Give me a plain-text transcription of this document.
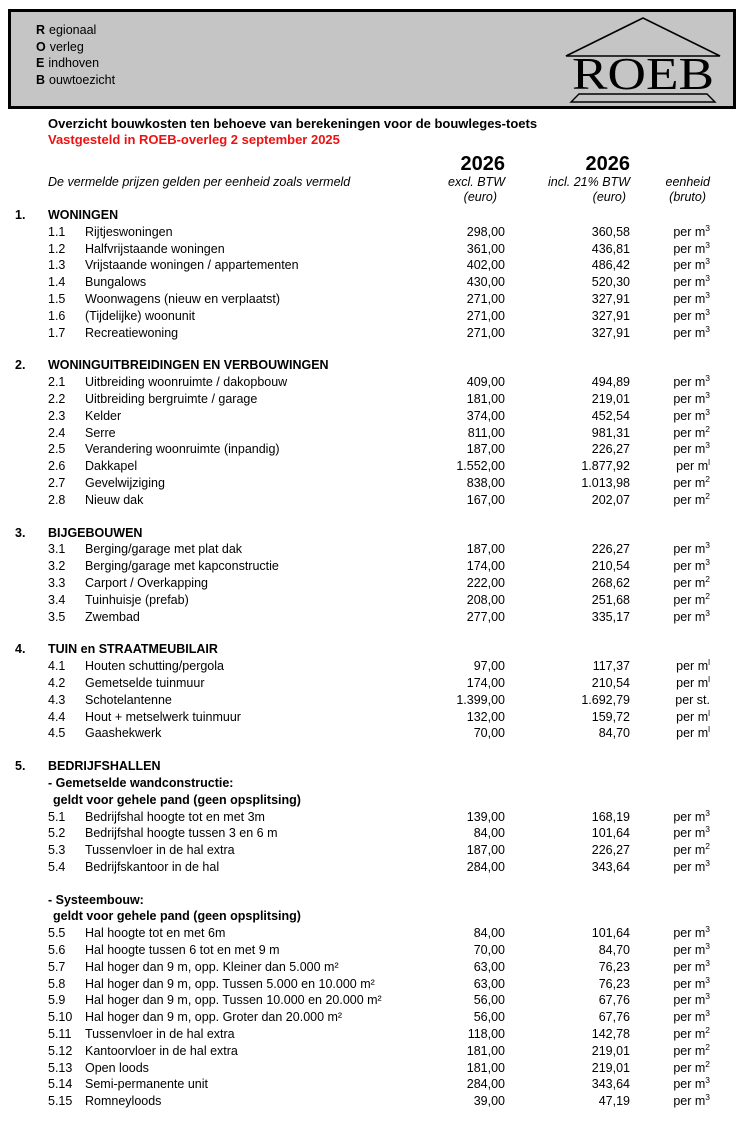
R egionaal
O verleg
E indhoven
B ouwtoezicht	ROEB
Overzicht bouwkosten ten behoeve van berekeningen voor de bouwleges-toets
Vastgesteld in ROEB-overleg 2 september 2025
2026	2026
De vermelde prijzen gelden per eenheid zoals vermeld	excl. BTW	incl. 21% BTW	eenheid
(euro)	(euro)	(bruto)
1.	WONINGEN
1.1	Rijtjeswoningen	298,00	360,58	per $m^3$
1.2	Halfvrijstaande woningen	361,00	436,81	per $m^3$
1.3	Vrijstaande woningen / appartementen	402,00	486,42	per $m^3$
1.4	Bungalows	430,00	520,30	per $m^3$
1.5	Woonwagens (nieuw en verplaatst)	271,00	327,91	per $m^3$
1.6	(Tijdelijke) woonunit	271,00	327,91	per $m^3$
1.7	Recreatiewoning	271,00	327,91	per $m^3$
2.	WONINGUITBREIDINGEN EN VERBOUWINGEN
2.1	Uitbreiding woonruimte / dakopbouw	409,00	494,89	per $m^3$
2.2	Uitbreiding bergruimte / garage	181,00	219,01	per $m^3$
2.3	Kelder	374,00	452,54	per $m^3$
2.4	Serre	811,00	981,31	per $m^2$
2.5	Verandering woonruimte (inpandig)	187,00	226,27	per $m^3$
2.6	Dakkapel	1.552,00	1.877,92	per $m^l$
2.7	Gevelwijziging	838,00	1.013,98	per $m^2$
2.8	Nieuw dak	167,00	202,07	per $m^2$
3.	BIJGEBOUWEN
3.1	Berging/garage met plat dak	187,00	226,27	per $m^3$
3.2	Berging/garage met kapconstructie	174,00	210,54	per $m^3$
3.3	Carport / Overkapping	222,00	268,62	per $m^2$
3.4	Tuinhuisje (prefab)	208,00	251,68	per $m^2$
3.5	Zwembad	277,00	335,17	per $m^3$
4.	TUIN en STRAATMEUBILAIR
4.1	Houten schutting/pergola	97,00	117,37	per $m^l$
4.2	Gemetselde tuinmuur	174,00	210,54	per $m^l$
4.3	Schotelantenne	1.399,00	1.692,79	per st.
4.4	Hout + metselwerk tuinmuur	132,00	159,72	per $m^l$
4.5	Gaashekwerk	70,00	84,70	per $m^l$
5.	BEDRIJFSHALLEN
- Gemetselde wandconstructie:
geldt voor gehele pand (geen opsplitsing)
5.1	Bedrijfshal hoogte tot en met 3m	139,00	168,19	per $m^3$
5.2	Bedrijfshal hoogte tussen 3 en 6 m	84,00	101,64	per $m^3$
5.3	Tussenvloer in de hal extra	187,00	226,27	per $m^2$
5.4	Bedrijfskantoor in de hal	284,00	343,64	per $m^3$
- Systeembouw:
geldt voor gehele pand (geen opsplitsing)
5.5	Hal hoogte tot en met 6m	84,00	101,64	per $m^3$
5.6	Hal hoogte tussen 6 tot en met 9 m	70,00	84,70	per $m^3$
5.7	Hal hoger dan 9 m, opp. Kleiner dan 5.000 m²	63,00	76,23	per $m^3$
5.8	Hal hoger dan 9 m, opp. Tussen 5.000 en 10.000 m²	63,00	76,23	per $m^3$
5.9	Hal hoger dan 9 m, opp. Tussen 10.000 en 20.000 m²	56,00	67,76	per $m^3$
5.10	Hal hoger dan 9 m, opp. Groter dan 20.000 m²	56,00	67,76	per $m^3$
5.11	Tussenvloer in de hal extra	118,00	142,78	per $m^2$
5.12	Kantoorvloer in de hal extra	181,00	219,01	per $m^2$
5.13	Open loods	181,00	219,01	per $m^2$
5.14	Semi-permanente unit	284,00	343,64	per $m^3$
5.15	Romneyloods	39,00	47,19	per $m^3$
